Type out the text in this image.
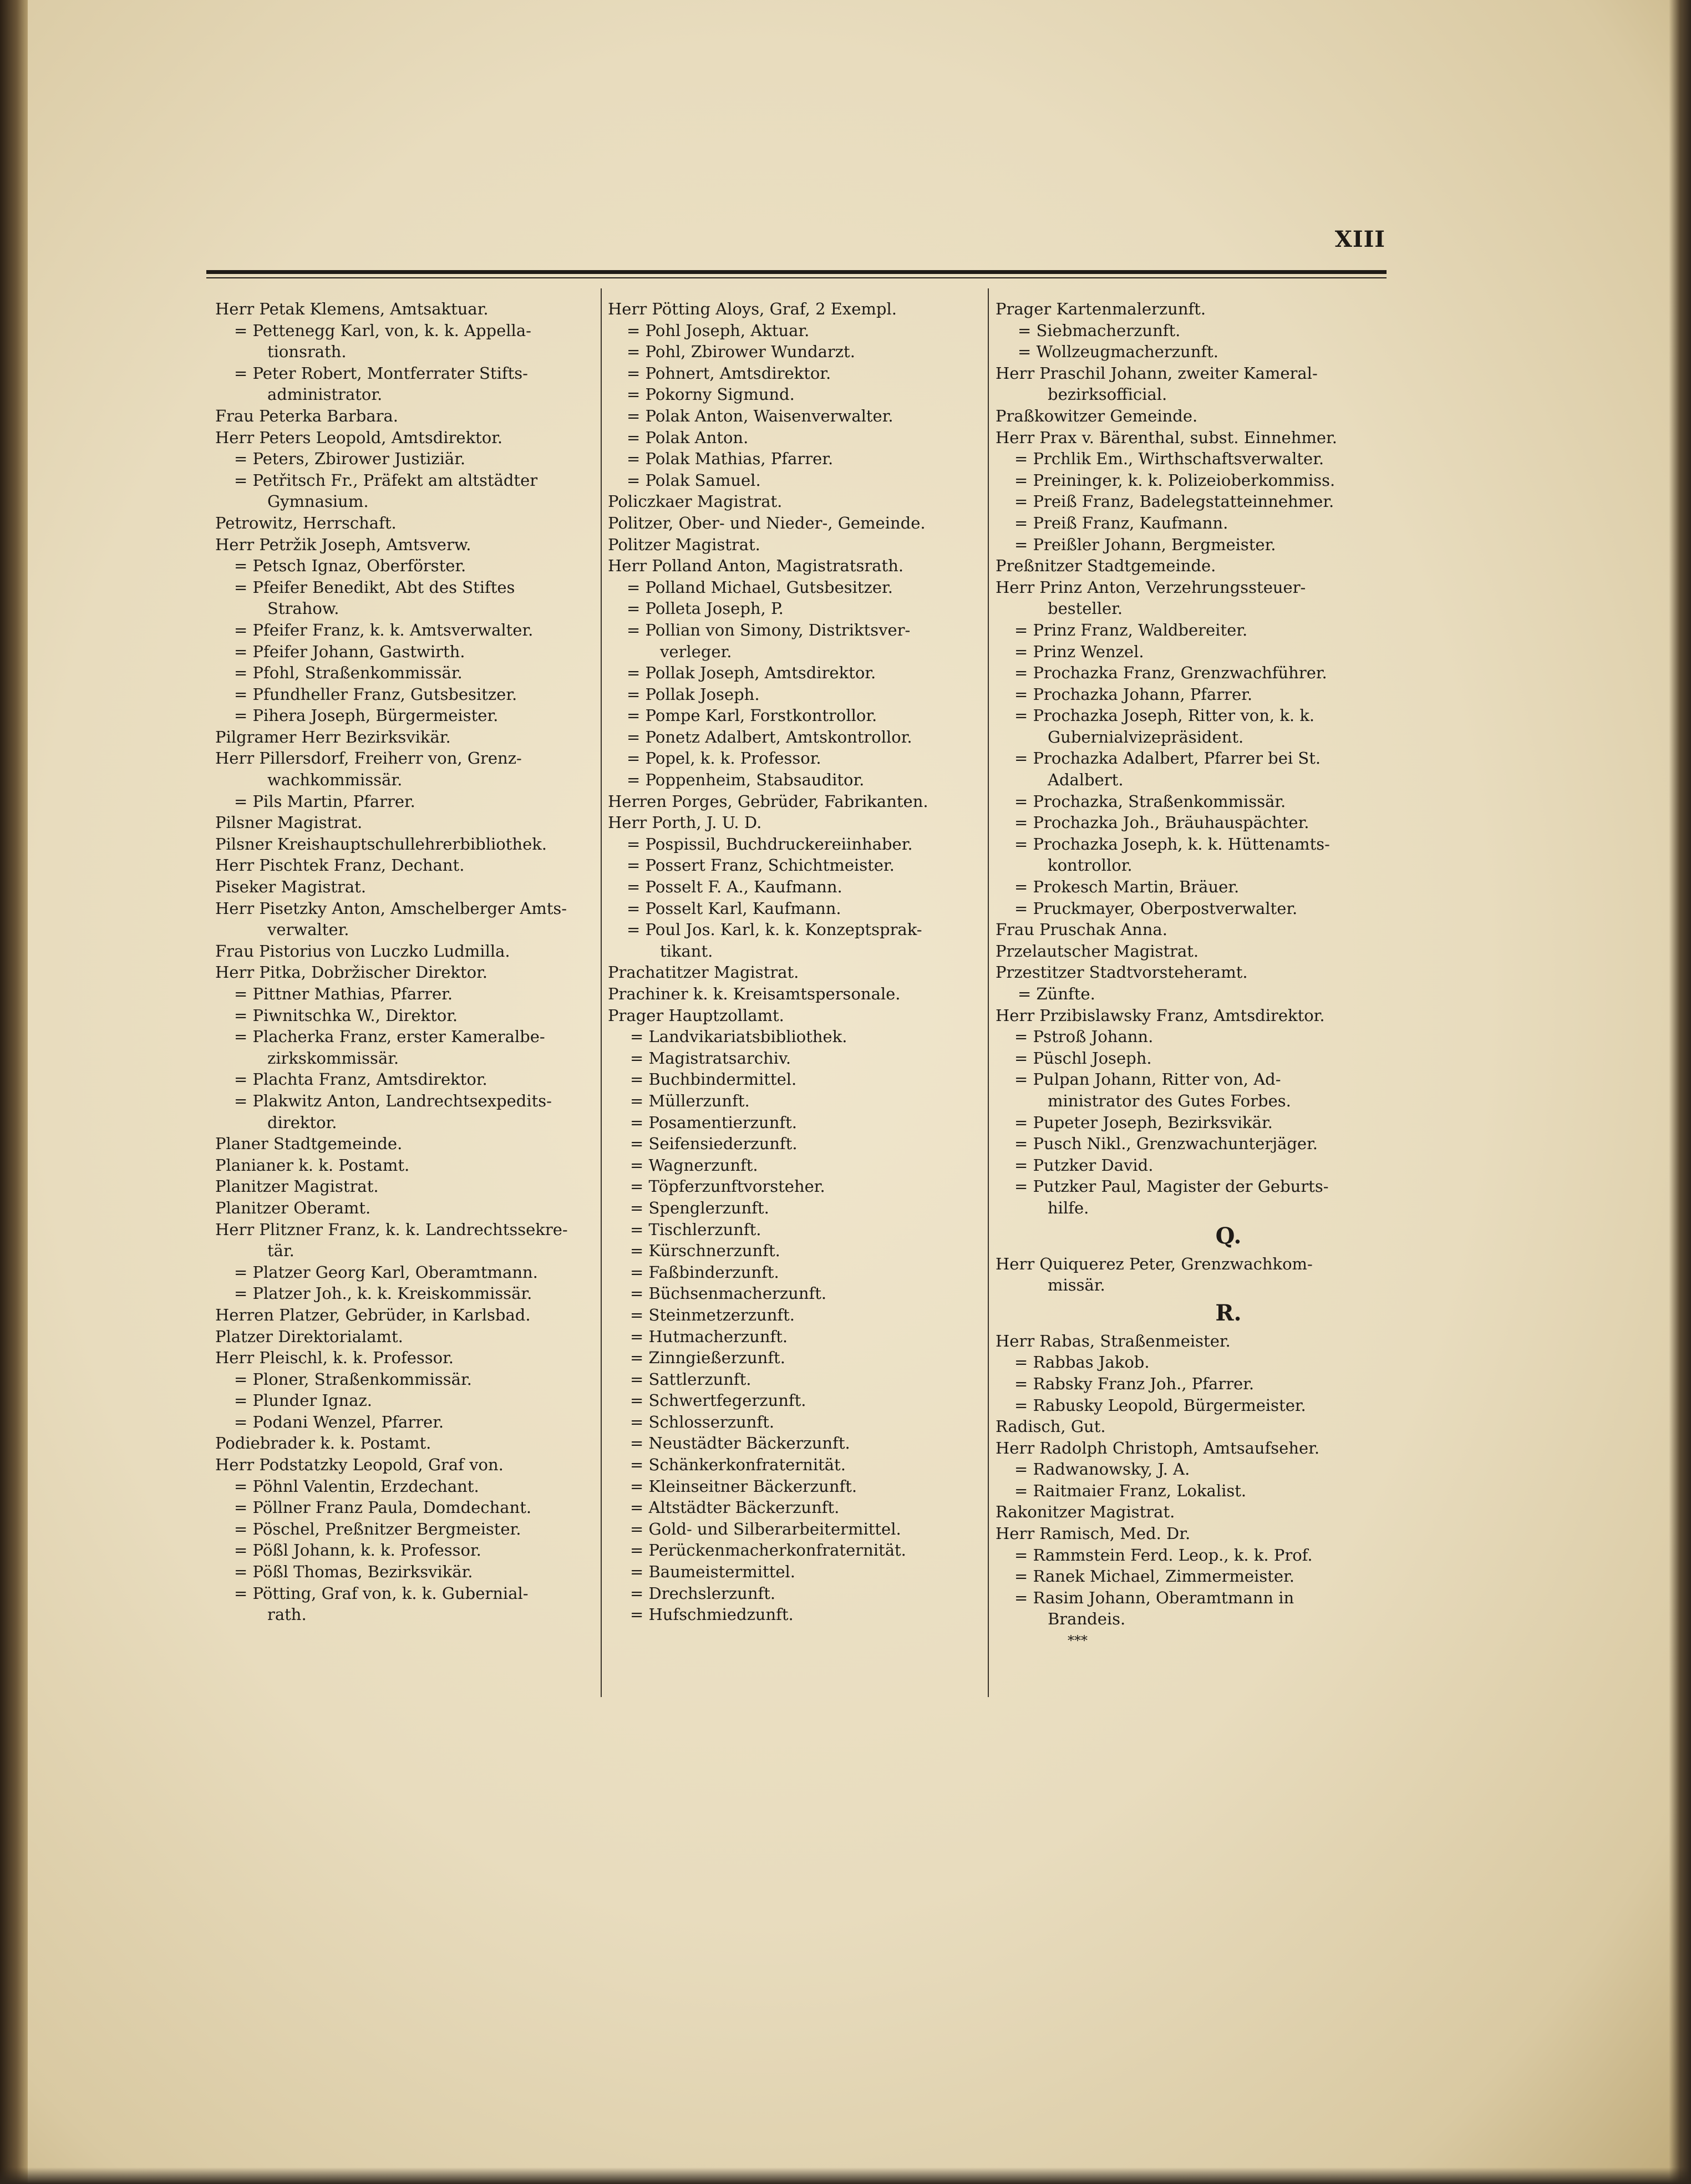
XIII
Herr Petak Klemens, Amtsaktuar.
= Pettenegg Karl, von, k. k. Appella-
tionsrath.
= Peter Robert, Montferrater Stifts-
administrator.
Frau Peterka Barbara.
Herr Peters Leopold, Amtsdirektor.
= Peters, Zbirower Justiziär.
= Petřitsch Fr., Präfekt am altstädter
Gymnasium.
Petrowitz, Herrschaft.
Herr Petržik Joseph, Amtsverw.
= Petsch Ignaz, Oberförster.
= Pfeifer Benedikt, Abt des Stiftes
Strahow.
= Pfeifer Franz, k. k. Amtsverwalter.
= Pfeifer Johann, Gastwirth.
= Pfohl, Straßenkommissär.
= Pfundheller Franz, Gutsbesitzer.
= Pihera Joseph, Bürgermeister.
Pilgramer Herr Bezirksvikär.
Herr Pillersdorf, Freiherr von, Grenz-
wachkommissär.
= Pils Martin, Pfarrer.
Pilsner Magistrat.
Pilsner Kreishauptschullehrerbibliothek.
Herr Pischtek Franz, Dechant.
Piseker Magistrat.
Herr Pisetzky Anton, Amschelberger Amts-
verwalter.
Frau Pistorius von Luczko Ludmilla.
Herr Pitka, Dobržischer Direktor.
= Pittner Mathias, Pfarrer.
= Piwnitschka W., Direktor.
= Placherka Franz, erster Kameralbe-
zirkskommissär.
= Plachta Franz, Amtsdirektor.
= Plakwitz Anton, Landrechtsexpedits-
direktor.
Planer Stadtgemeinde.
Planianer k. k. Postamt.
Planitzer Magistrat.
Planitzer Oberamt.
Herr Plitzner Franz, k. k. Landrechtssekre-
tär.
= Platzer Georg Karl, Oberamtmann.
= Platzer Joh., k. k. Kreiskommissär.
Herren Platzer, Gebrüder, in Karlsbad.
Platzer Direktorialamt.
Herr Pleischl, k. k. Professor.
= Ploner, Straßenkommissär.
= Plunder Ignaz.
= Podani Wenzel, Pfarrer.
Podiebrader k. k. Postamt.
Herr Podstatzky Leopold, Graf von.
= Pöhnl Valentin, Erzdechant.
= Pöllner Franz Paula, Domdechant.
= Pöschel, Preßnitzer Bergmeister.
= Pößl Johann, k. k. Professor.
= Pößl Thomas, Bezirksvikär.
= Pötting, Graf von, k. k. Gubernial-
rath.
Herr Pötting Aloys, Graf, 2 Exempl.
= Pohl Joseph, Aktuar.
= Pohl, Zbirower Wundarzt.
= Pohnert, Amtsdirektor.
= Pokorny Sigmund.
= Polak Anton, Waisenverwalter.
= Polak Anton.
= Polak Mathias, Pfarrer.
= Polak Samuel.
Policzkaer Magistrat.
Politzer, Ober- und Nieder-, Gemeinde.
Politzer Magistrat.
Herr Polland Anton, Magistratsrath.
= Polland Michael, Gutsbesitzer.
= Polleta Joseph, P.
= Pollian von Simony, Distriktsver-
verleger.
= Pollak Joseph, Amtsdirektor.
= Pollak Joseph.
= Pompe Karl, Forstkontrollor.
= Ponetz Adalbert, Amtskontrollor.
= Popel, k. k. Professor.
= Poppenheim, Stabsauditor.
Herren Porges, Gebrüder, Fabrikanten.
Herr Porth, J. U. D.
= Pospissil, Buchdruckereiinhaber.
= Possert Franz, Schichtmeister.
= Posselt F. A., Kaufmann.
= Posselt Karl, Kaufmann.
= Poul Jos. Karl, k. k. Konzeptsprak-
tikant.
Prachatitzer Magistrat.
Prachiner k. k. Kreisamtspersonale.
Prager Hauptzollamt.
= Landvikariatsbibliothek.
= Magistratsarchiv.
= Buchbindermittel.
= Müllerzunft.
= Posamentierzunft.
= Seifensiederzunft.
= Wagnerzunft.
= Töpferzunftvorsteher.
= Spenglerzunft.
= Tischlerzunft.
= Kürschnerzunft.
= Faßbinderzunft.
= Büchsenmacherzunft.
= Steinmetzerzunft.
= Hutmacherzunft.
= Zinngießerzunft.
= Sattlerzunft.
= Schwertfegerzunft.
= Schlosserzunft.
= Neustädter Bäckerzunft.
= Schänkerkonfraternität.
= Kleinseitner Bäckerzunft.
= Altstädter Bäckerzunft.
= Gold- und Silberarbeitermittel.
= Perückenmacherkonfraternität.
= Baumeistermittel.
= Drechslerzunft.
= Hufschmiedzunft.
Prager Kartenmalerzunft.
= Siebmacherzunft.
= Wollzeugmacherzunft.
Herr Praschil Johann, zweiter Kameral-
bezirksofficial.
Praßkowitzer Gemeinde.
Herr Prax v. Bärenthal, subst. Einnehmer.
= Prchlik Em., Wirthschaftsverwalter.
= Preininger, k. k. Polizeioberkommiss.
= Preiß Franz, Badelegstatteinnehmer.
= Preiß Franz, Kaufmann.
= Preißler Johann, Bergmeister.
Preßnitzer Stadtgemeinde.
Herr Prinz Anton, Verzehrungssteuer-
besteller.
= Prinz Franz, Waldbereiter.
= Prinz Wenzel.
= Prochazka Franz, Grenzwachführer.
= Prochazka Johann, Pfarrer.
= Prochazka Joseph, Ritter von, k. k.
Gubernialvizepräsident.
= Prochazka Adalbert, Pfarrer bei St.
Adalbert.
= Prochazka, Straßenkommissär.
= Prochazka Joh., Bräuhauspächter.
= Prochazka Joseph, k. k. Hüttenamts-
kontrollor.
= Prokesch Martin, Bräuer.
= Pruckmayer, Oberpostverwalter.
Frau Pruschak Anna.
Przelautscher Magistrat.
Przestitzer Stadtvorsteheramt.
= Zünfte.
Herr Przibislawsky Franz, Amtsdirektor.
= Pstroß Johann.
= Püschl Joseph.
= Pulpan Johann, Ritter von, Ad-
ministrator des Gutes Forbes.
= Pupeter Joseph, Bezirksvikär.
= Pusch Nikl., Grenzwachunterjäger.
= Putzker David.
= Putzker Paul, Magister der Geburts-
hilfe.
Q.
Herr Quiquerez Peter, Grenzwachkom-
missär.
R.
Herr Rabas, Straßenmeister.
= Rabbas Jakob.
= Rabsky Franz Joh., Pfarrer.
= Rabusky Leopold, Bürgermeister.
Radisch, Gut.
Herr Radolph Christoph, Amtsaufseher.
= Radwanowsky, J. A.
= Raitmaier Franz, Lokalist.
Rakonitzer Magistrat.
Herr Ramisch, Med. Dr.
= Rammstein Ferd. Leop., k. k. Prof.
= Ranek Michael, Zimmermeister.
= Rasim Johann, Oberamtmann in
Brandeis.
***
